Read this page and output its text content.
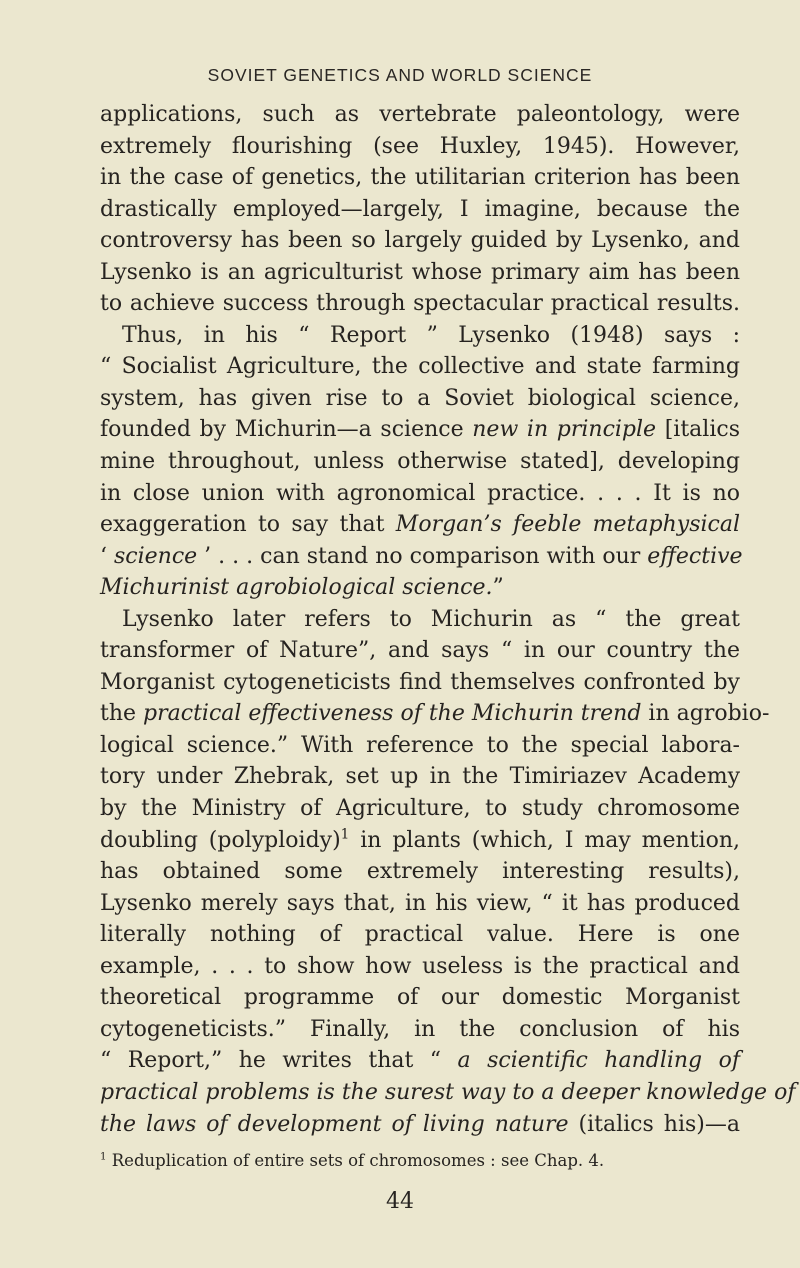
SOVIET GENETICS AND WORLD SCIENCE
applications, such as vertebrate paleontology, were
extremely flourishing (see Huxley, 1945). However,
in the case of genetics, the utilitarian criterion has been
drastically employed—largely, I imagine, because the
controversy has been so largely guided by Lysenko, and
Lysenko is an agriculturist whose primary aim has been
to achieve success through spectacular practical results.
Thus, in his “ Report ” Lysenko (1948) says :
“ Socialist Agriculture, the collective and state farming
system, has given rise to a Soviet biological science,
founded by Michurin—a science new in principle [italics
mine throughout, unless otherwise stated], developing
in close union with agronomical practice. . . . It is no
exaggeration to say that Morgan’s feeble metaphysical
‘ science ’ . . . can stand no comparison with our effective
Michurinist agrobiological science.”
Lysenko later refers to Michurin as “ the great
transformer of Nature”, and says “ in our country the
Morganist cytogeneticists find themselves confronted by
the practical effectiveness of the Michurin trend in agrobio-
logical science.” With reference to the special labora-
tory under Zhebrak, set up in the Timiriazev Academy
by the Ministry of Agriculture, to study chromosome
doubling (polyploidy)$^1$ in plants (which, I may mention,
has obtained some extremely interesting results),
Lysenko merely says that, in his view, “ it has produced
literally nothing of practical value. Here is one
example, . . . to show how useless is the practical and
theoretical programme of our domestic Morganist
cytogeneticists.” Finally, in the conclusion of his
“ Report,” he writes that “ a scientific handling of
practical problems is the surest way to a deeper knowledge of
the laws of development of living nature (italics his)—a
$^1$ Reduplication of entire sets of chromosomes : see Chap. 4.
44
